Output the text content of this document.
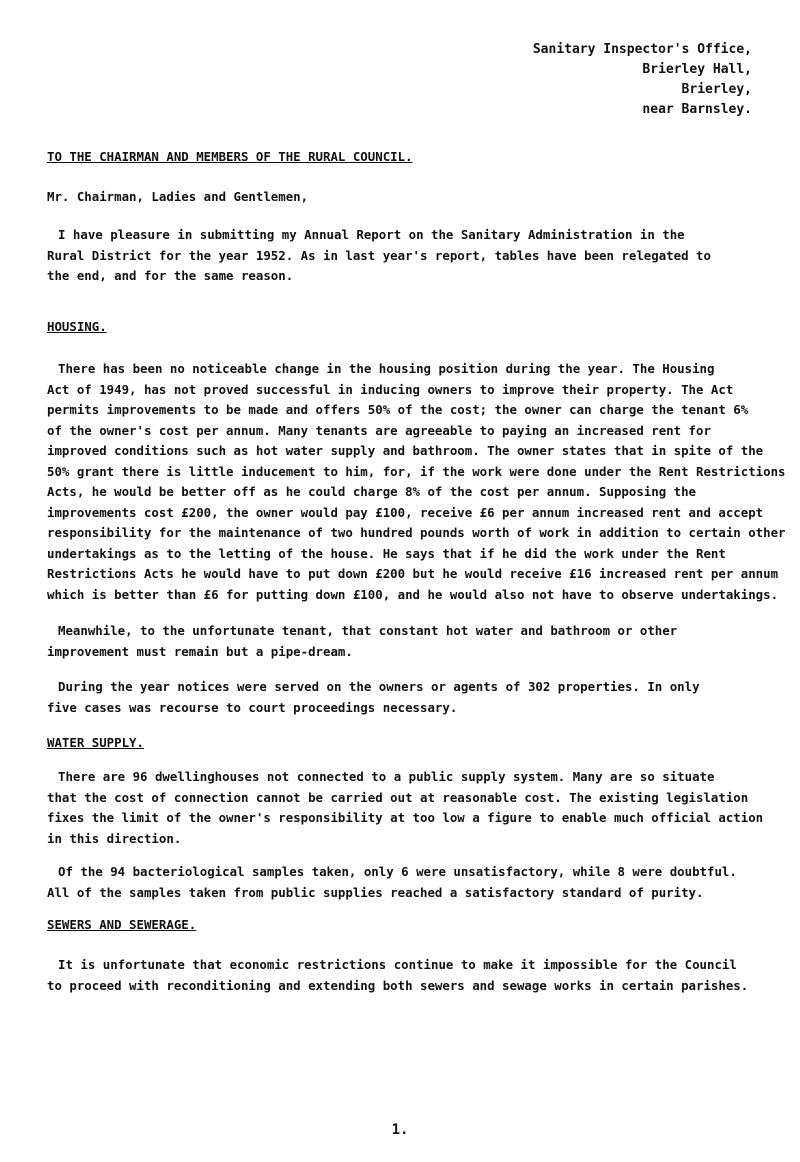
Sanitary Inspector's Office,
Brierley Hall,
Brierley,
near Barnsley.
TO THE CHAIRMAN AND MEMBERS OF THE RURAL COUNCIL.
Mr. Chairman, Ladies and Gentlemen,
I have pleasure in submitting my Annual Report on the Sanitary Administration in the
Rural District for the year 1952. As in last year's report, tables have been relegated to
the end, and for the same reason.
HOUSING.
There has been no noticeable change in the housing position during the year. The Housing
Act of 1949, has not proved successful in inducing owners to improve their property. The Act
permits improvements to be made and offers 50% of the cost; the owner can charge the tenant 6%
of the owner's cost per annum. Many tenants are agreeable to paying an increased rent for
improved conditions such as hot water supply and bathroom. The owner states that in spite of the
50% grant there is little inducement to him, for, if the work were done under the Rent Restrictions
Acts, he would be better off as he could charge 8% of the cost per annum. Supposing the
improvements cost £200, the owner would pay £100, receive £6 per annum increased rent and accept
responsibility for the maintenance of two hundred pounds worth of work in addition to certain other
undertakings as to the letting of the house. He says that if he did the work under the Rent
Restrictions Acts he would have to put down £200 but he would receive £16 increased rent per annum
which is better than £6 for putting down £100, and he would also not have to observe undertakings.
Meanwhile, to the unfortunate tenant, that constant hot water and bathroom or other
improvement must remain but a pipe-dream.
During the year notices were served on the owners or agents of 302 properties. In only
five cases was recourse to court proceedings necessary.
WATER SUPPLY.
There are 96 dwellinghouses not connected to a public supply system. Many are so situate
that the cost of connection cannot be carried out at reasonable cost. The existing legislation
fixes the limit of the owner's responsibility at too low a figure to enable much official action
in this direction.
Of the 94 bacteriological samples taken, only 6 were unsatisfactory, while 8 were doubtful.
All of the samples taken from public supplies reached a satisfactory standard of purity.
SEWERS AND SEWERAGE.
It is unfortunate that economic restrictions continue to make it impossible for the Council
to proceed with reconditioning and extending both sewers and sewage works in certain parishes.
1.
